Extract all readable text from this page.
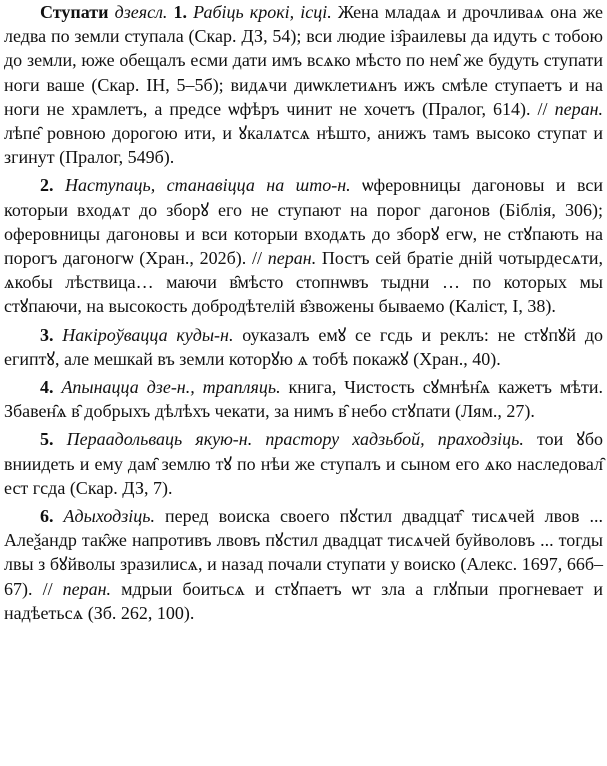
Ступати дзеясл. 1. Рабіць крокі, ісці. Жена младаѧ и дрочливаѧ она же ледва по земли ступала (Скар. ДЗ, 54); вси людие із̑раилевы да идуть с тобою до земли, юже обещалъ есми дати имъ всѧко мѣсто по нем̑ же будуть ступати ноги ваше (Скар. ІН, 5–5б); видѧчи диѡклетиѧнъ ижъ смѣле ступаетъ и на ноги не храмлетъ, а предсе ѡфѣръ чинит не хочетъ (Пралог, 614). // перан. лѣпе̑ ровною дорогою ити, и ꙋкалѧтсѧ нѣшто, анижъ тамъ высоко ступат и згинут (Пралог, 549б).

2. Наступаць, станавіцца на што-н. ѡферовницы дагоновы и вси которыи входѧт до зборꙋ его не ступают на порог дагонов (Біблія, 306); оферовницы дагоновы и вси которыи входѧть до зборꙋ егѡ, не стꙋпають на порогъ дагоногѡ (Хран., 202б). // перан. Постъ сей братіе дній чотырдесѧти, ѧкобы лѣствица… маючи в̑мѣсто стопнѡвъ тыдни … по которых мы стꙋпаючи, на высокость добродѣтелій в̑звожены бываемо (Каліст, І, 38).

3. Накіроўвацца куды-н. оуказалъ емꙋ се гсдь и реклъ: не стꙋпꙋй до египтꙋ, але мешкай въ земли которꙋю ѧ тобѣ покажꙋ (Хран., 40).

4. Апынацца дзе-н., трапляць. книга, Чистость сꙋмнѣн̑ѧ кажетъ мѣти. Збавен̑ѧ в̑ добрыхъ дѣлѣхъ чекати, за нимъ в̑ небо стꙋпати (Лям., 27).

5. Пераадольваць якую-н. прастору хадзьбой, праходзіць. тои ꙋбо вниидеть и ему дам̑ землю тꙋ по нѣи же ступалъ и сыном его ѧко наследовал̑ ест гсда (Скар. ДЗ, 7).

6. Адыходзіць. перед воиска своего пꙋстил двадцат̑ тисѧчей лвов ... Алеѯандр так̑же напротивъ лвовъ пꙋстил двадцат тисѧчей буйволовъ ... тогды лвы з бꙋйволы зразилисѧ, и назад почали ступати у воиско (Алекс. 1697, 66б–67). // перан. мдрыи боитьсѧ и стꙋпаетъ ѡт зла а глꙋпыи прогневает и надѣетьсѧ (Зб. 262, 100).
